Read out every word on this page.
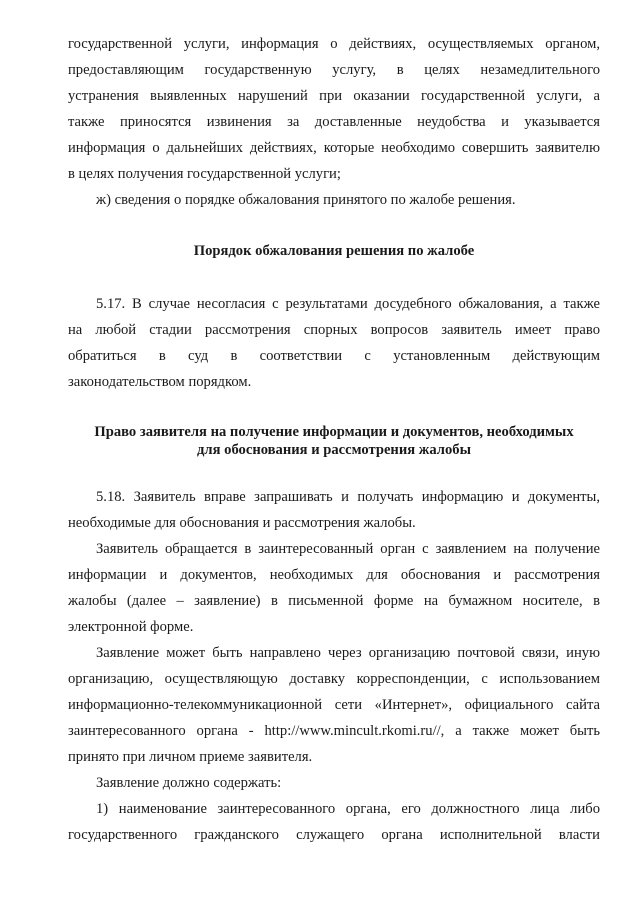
государственной услуги, информация о действиях, осуществляемых органом,
предоставляющим государственную услугу, в целях незамедлительного
устранения выявленных нарушений при оказании государственной услуги, а
также приносятся извинения за доставленные неудобства и указывается
информация о дальнейших действиях, которые необходимо совершить заявителю
в целях получения государственной услуги;
ж) сведения о порядке обжалования принятого по жалобе решения.
Порядок обжалования решения по жалобе
5.17. В случае несогласия с результатами досудебного обжалования, а также
на любой стадии рассмотрения спорных вопросов заявитель имеет право
обратиться в суд в соответствии с установленным действующим
законодательством порядком.
Право заявителя на получение информации и документов, необходимых
для обоснования и рассмотрения жалобы
5.18. Заявитель вправе запрашивать и получать информацию и документы,
необходимые для обоснования и рассмотрения жалобы.
Заявитель обращается в заинтересованный орган с заявлением на получение
информации и документов, необходимых для обоснования и рассмотрения
жалобы (далее – заявление) в письменной форме на бумажном носителе, в
электронной форме.
Заявление может быть направлено через организацию почтовой связи, иную
организацию, осуществляющую доставку корреспонденции, с использованием
информационно-телекоммуникационной сети «Интернет», официального сайта
заинтересованного органа - http://www.mincult.rkomi.ru//, а также может быть
принято при личном приеме заявителя.
Заявление должно содержать:
1) наименование заинтересованного органа, его должностного лица либо
государственного гражданского служащего органа исполнительной власти
